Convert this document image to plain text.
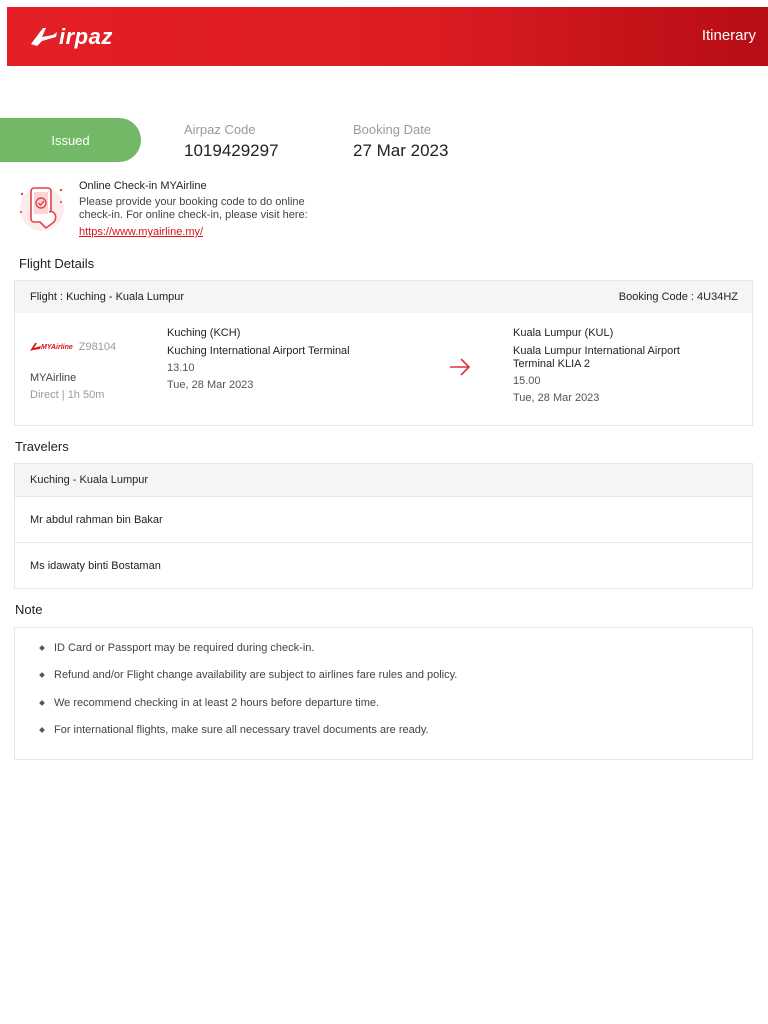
irpaz	Itinerary
Issued
Airpaz Code
1019429297
Booking Date
27 Mar 2023
Online Check-in MYAirline
Please provide your booking code to do online check-in. For online check-in, please visit here:
https://www.myairline.my/
Flight Details
Flight : Kuching - Kuala Lumpur	Booking Code : 4U34HZ
MYAirline Z98104
MYAirline
Direct | 1h 50m
Kuching (KCH)
Kuching International Airport Terminal
13.10
Tue, 28 Mar 2023
Kuala Lumpur (KUL)
Kuala Lumpur International Airport Terminal KLIA 2
15.00
Tue, 28 Mar 2023
Travelers
Kuching - Kuala Lumpur
Mr abdul rahman bin Bakar
Ms idawaty binti Bostaman
Note
ID Card or Passport may be required during check-in.
Refund and/or Flight change availability are subject to airlines fare rules and policy.
We recommend checking in at least 2 hours before departure time.
For international flights, make sure all necessary travel documents are ready.
